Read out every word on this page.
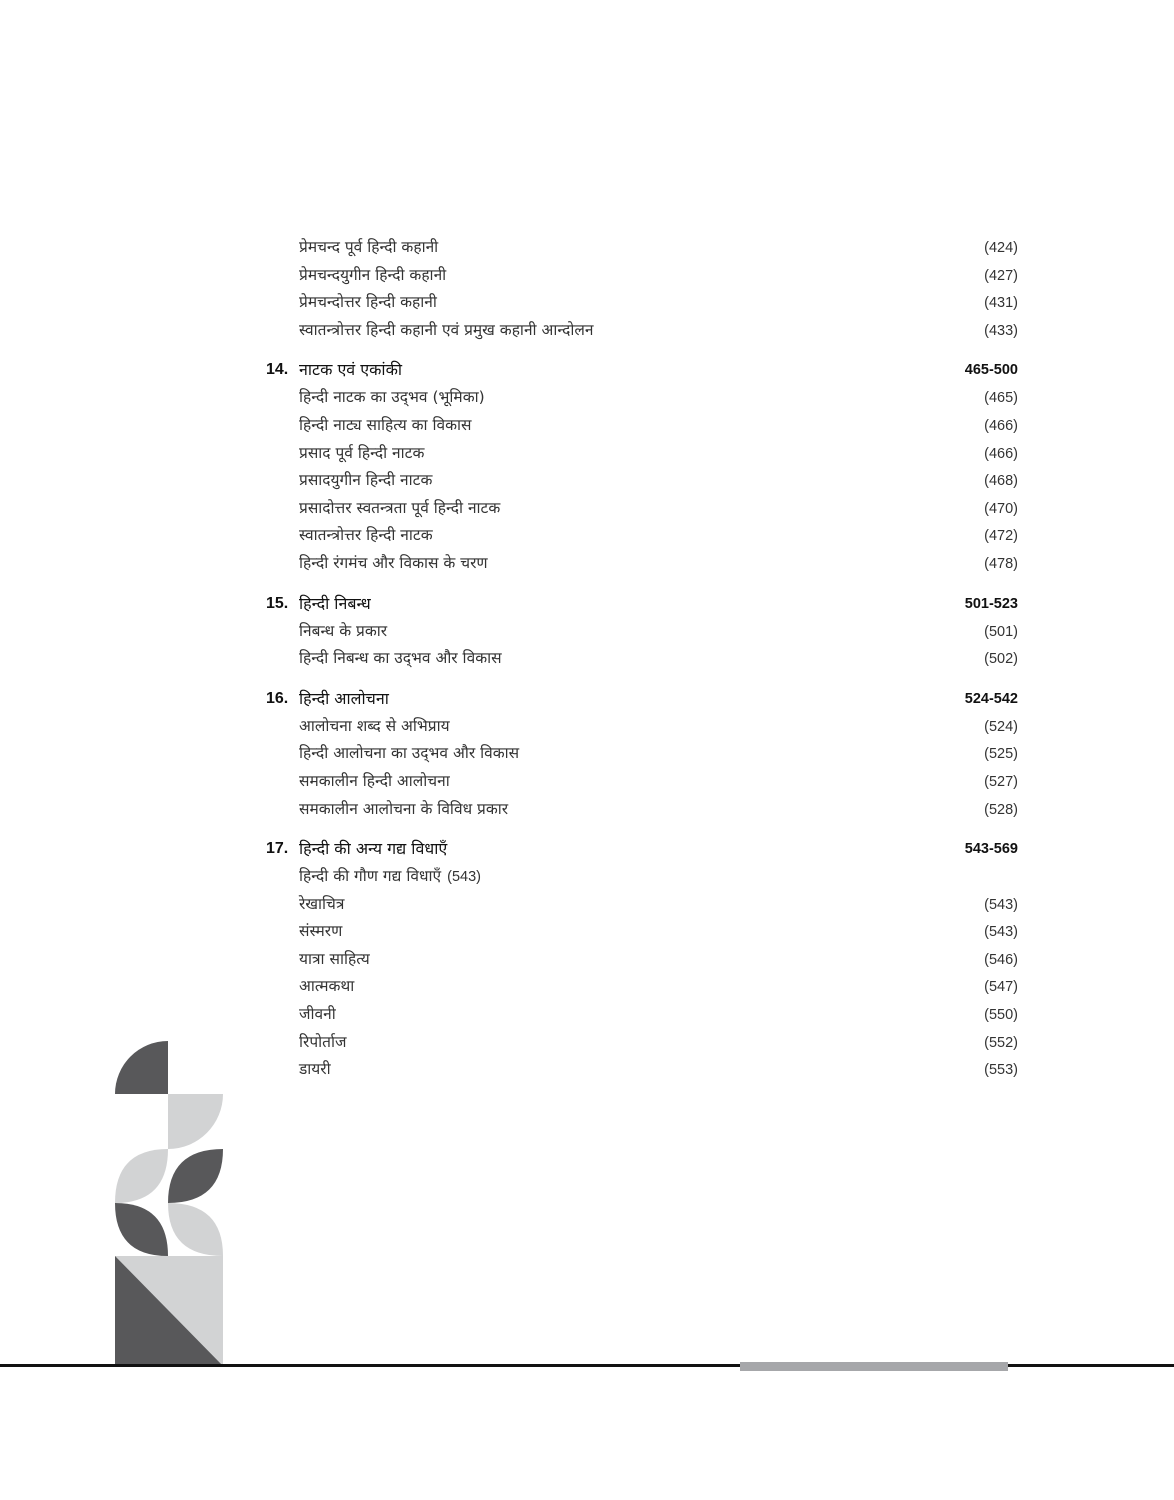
प्रेमचन्द पूर्व हिन्दी कहानी	(424)
प्रेमचन्दयुगीन हिन्दी कहानी	(427)
प्रेमचन्दोत्तर हिन्दी कहानी	(431)
स्वातन्त्रोत्तर हिन्दी कहानी एवं प्रमुख कहानी आन्दोलन	(433)
14. नाटक एवं एकांकी	465-500
हिन्दी नाटक का उद्‌भव (भूमिका)	(465)
हिन्दी नाट्य साहित्य का विकास	(466)
प्रसाद पूर्व हिन्दी नाटक	(466)
प्रसादयुगीन हिन्दी नाटक	(468)
प्रसादोत्तर स्वतन्त्रता पूर्व हिन्दी नाटक	(470)
स्वातन्त्रोत्तर हिन्दी नाटक	(472)
हिन्दी रंगमंच और विकास के चरण	(478)
15. हिन्दी निबन्ध	501-523
निबन्ध के प्रकार	(501)
हिन्दी निबन्ध का उद्‌भव और विकास	(502)
16. हिन्दी आलोचना	524-542
आलोचना शब्द से अभिप्राय	(524)
हिन्दी आलोचना का उद्‌भव और विकास	(525)
समकालीन हिन्दी आलोचना	(527)
समकालीन आलोचना के विविध प्रकार	(528)
17. हिन्दी की अन्य गद्य विधाएँ	543-569
हिन्दी की गौण गद्य विधाएँ (543)
रेखाचित्र	(543)
संस्मरण	(543)
यात्रा साहित्य	(546)
आत्मकथा	(547)
जीवनी	(550)
रिपोर्ताज	(552)
डायरी	(553)
